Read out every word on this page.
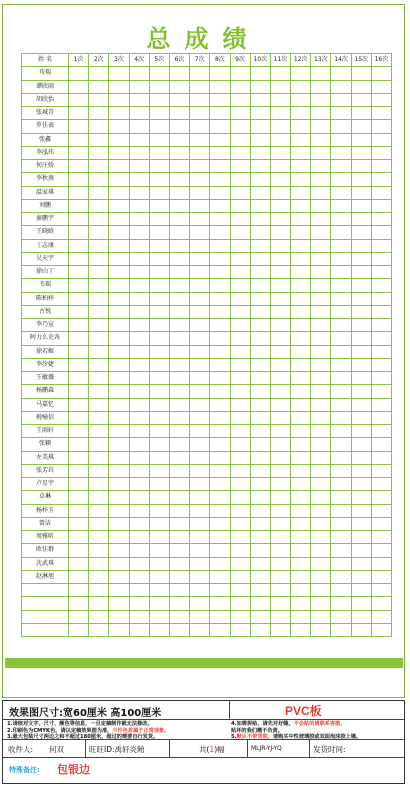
总成绩
姓 名	1次	2次	3次	4次	5次	6次	7次	8次	9次	10次	11次	12次	13次	14次	15次	16次
苟瑞																
谭欣雨																
胡欣怡																
张城青																
罗佳表																
张鑫																
李泓玮																
何庄娇																
李秋燕																
温家琪																
刘鹏																
秦鹏宇																
王晓晗																
丁志康																
吴天宇																
徐山丁																
韦瑞																
陈柏梓																
古悦																
李乃宣																
阿力么史各																
徐若姬																
李汐婕																
王敏薇																
杨鹏森																
马嘉忆																
税喻信																
王雨轩																
张颖																
左美琪																
张芳岩																
卢星宇																
卓琳																
杨梓玉																
曾洁																
周雅昕																
欧佳群																
沈武琪																
赵淋旭																

效果图尺寸:宽60厘米 高100厘米	PVC板
1.请核对文字、尺寸、颜色等信息，一旦定稿制作就无法修改。
2.印刷色为CMYK色，请以定稿效果图为准，少许色差属于正常现象。
3.最大包装尺寸两边之和不超过180厘米，超过的需要自行发货。
4.如需拼贴，请先对好缝，不会贴的请联系客服，
贴坏的我们概不负责。
5.默认不带背胶，请购买中性玻璃胶或双面泡沫胶上墙。
收件人: 何双	旺旺ID:禹轩炎鲐	共(1)幅	MLJR-YJ-YQ	发货时间:
特殊备注: 包银边
